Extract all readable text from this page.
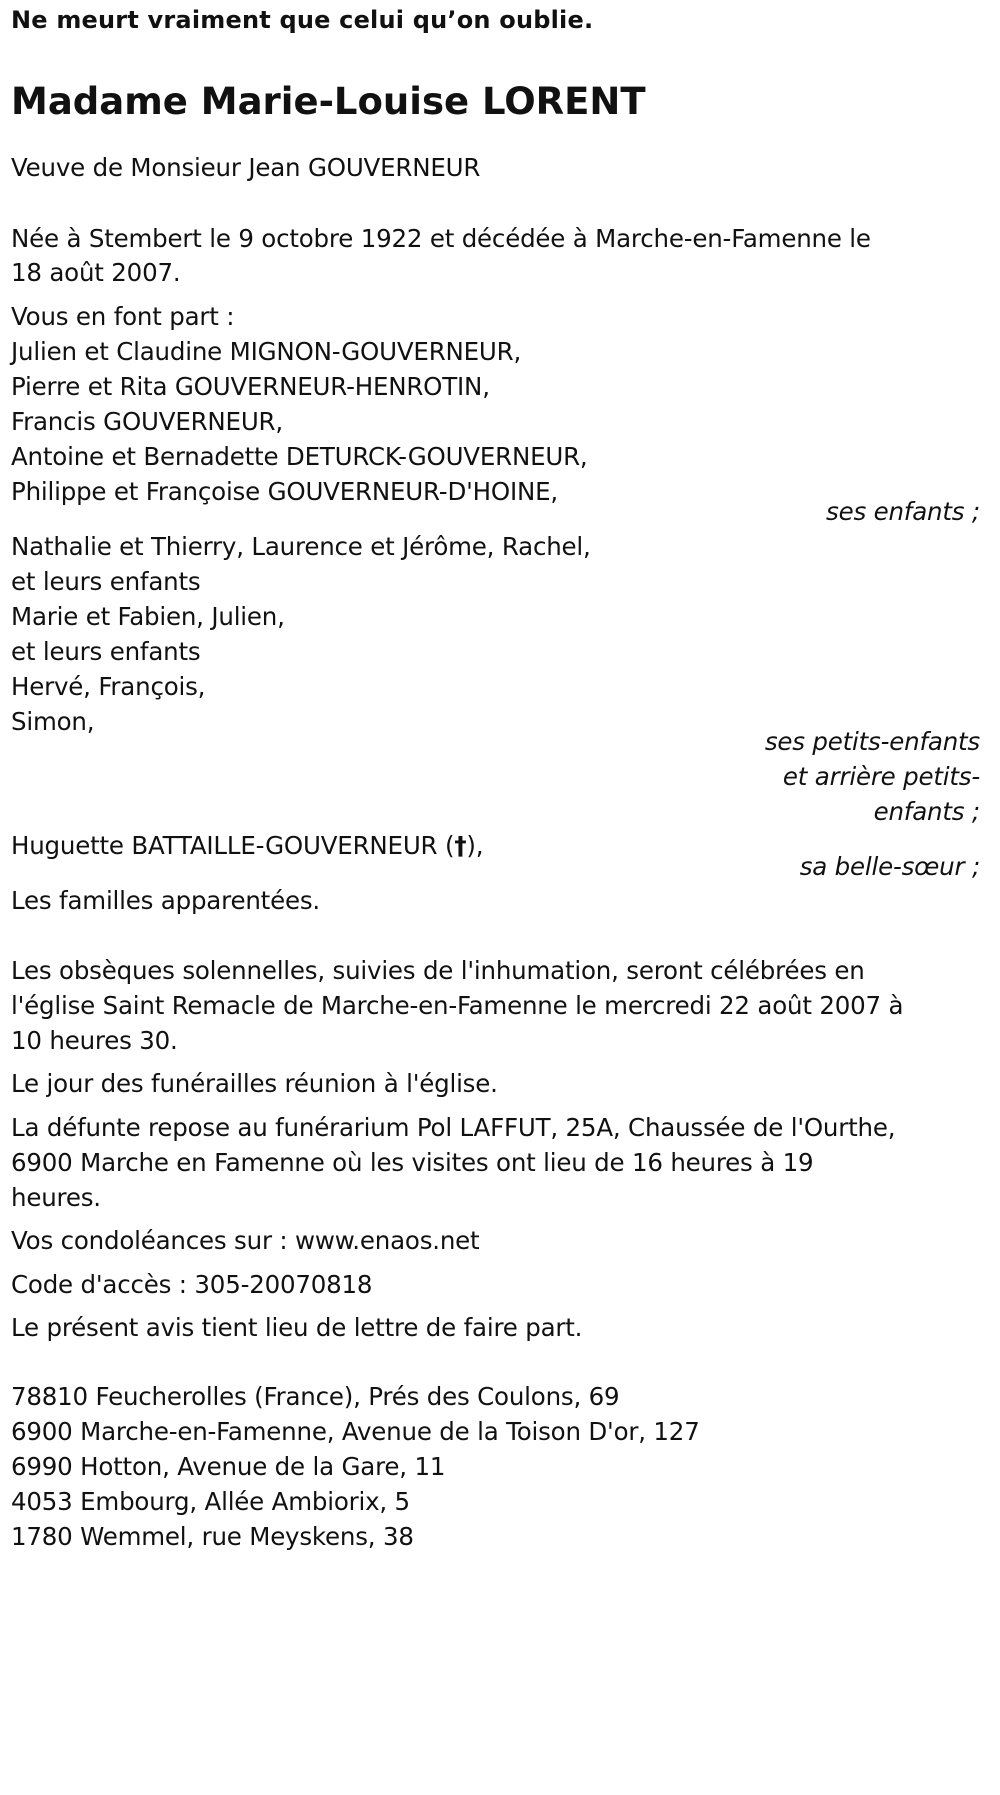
Ne meurt vraiment que celui qu’on oublie.
Madame Marie-Louise LORENT
Veuve de Monsieur Jean GOUVERNEUR
Née à Stembert le 9 octobre 1922 et décédée à Marche-en-Famenne le
18 août 2007.
Vous en font part :
Julien et Claudine MIGNON-GOUVERNEUR,
Pierre et Rita GOUVERNEUR-HENROTIN,
Francis GOUVERNEUR,
Antoine et Bernadette DETURCK-GOUVERNEUR,
Philippe et Françoise GOUVERNEUR-D'HOINE,
ses enfants ;
Nathalie et Thierry, Laurence et Jérôme, Rachel,
et leurs enfants
Marie et Fabien, Julien,
et leurs enfants
Hervé, François,
Simon,
ses petits-enfants
et arrière petits-
enfants ;
Huguette BATTAILLE-GOUVERNEUR (†),
sa belle-sœur ;
Les familles apparentées.
Les obsèques solennelles, suivies de l'inhumation, seront célébrées en
l'église Saint Remacle de Marche-en-Famenne le mercredi 22 août 2007 à
10 heures 30.
Le jour des funérailles réunion à l'église.
La défunte repose au funérarium Pol LAFFUT, 25A, Chaussée de l'Ourthe,
6900 Marche en Famenne où les visites ont lieu de 16 heures à 19
heures.
Vos condoléances sur : www.enaos.net
Code d'accès : 305-20070818
Le présent avis tient lieu de lettre de faire part.
78810 Feucherolles (France), Prés des Coulons, 69
6900 Marche-en-Famenne, Avenue de la Toison D'or, 127
6990 Hotton, Avenue de la Gare, 11
4053 Embourg, Allée Ambiorix, 5
1780 Wemmel, rue Meyskens, 38
